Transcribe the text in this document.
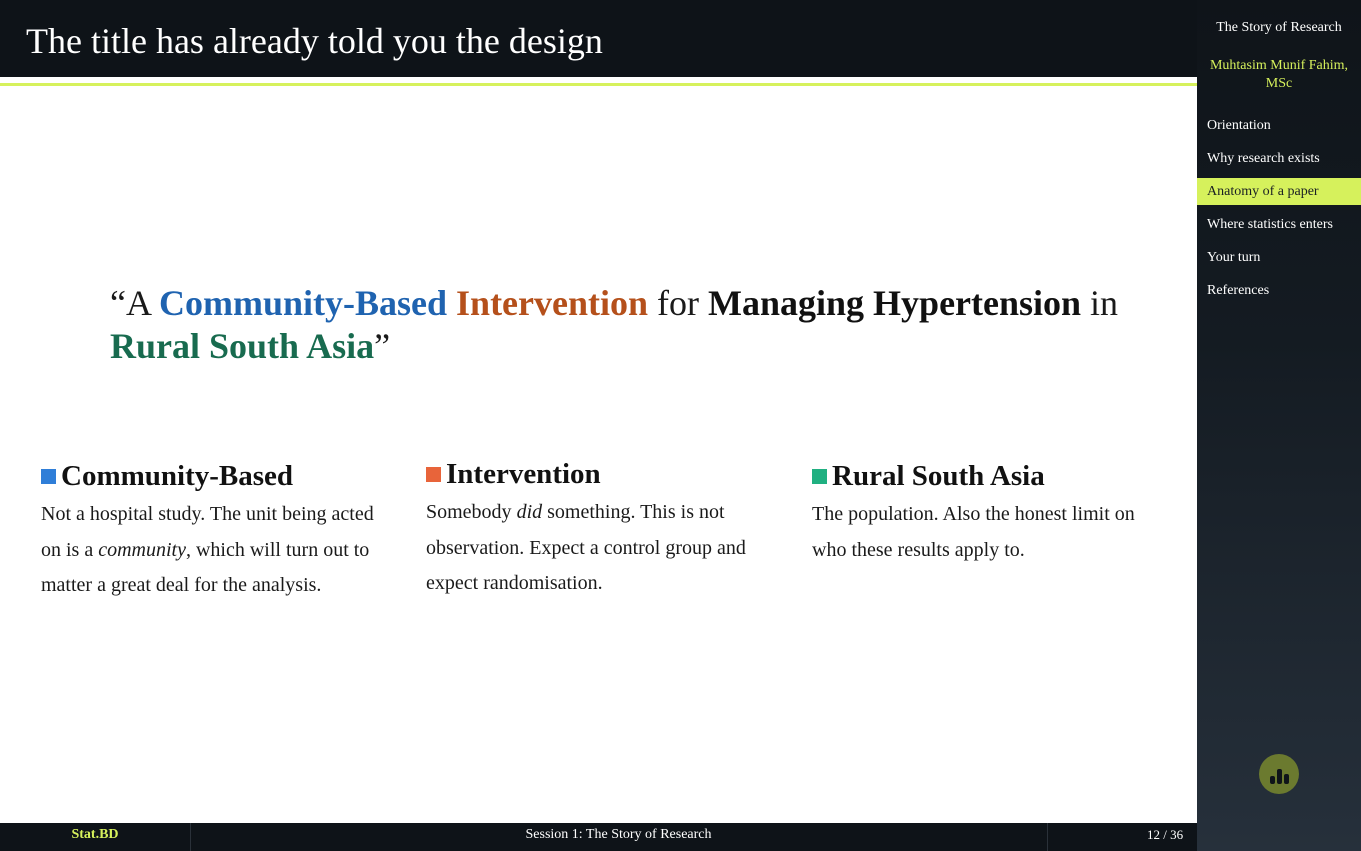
The title has already told you the design
“A Community-Based Intervention for Managing Hypertension in Rural South Asia”
Community-Based
Not a hospital study. The unit being acted on is a community, which will turn out to matter a great deal for the analysis.
Intervention
Somebody did something. This is not observation. Expect a control group and expect randomisation.
Rural South Asia
The population. Also the honest limit on who these results apply to.
The Story of Research
Muhtasim Munif Fahim, MSc
Orientation
Why research exists
Anatomy of a paper
Where statistics enters
Your turn
References
Stat.BD	Session 1: The Story of Research	12 / 36
